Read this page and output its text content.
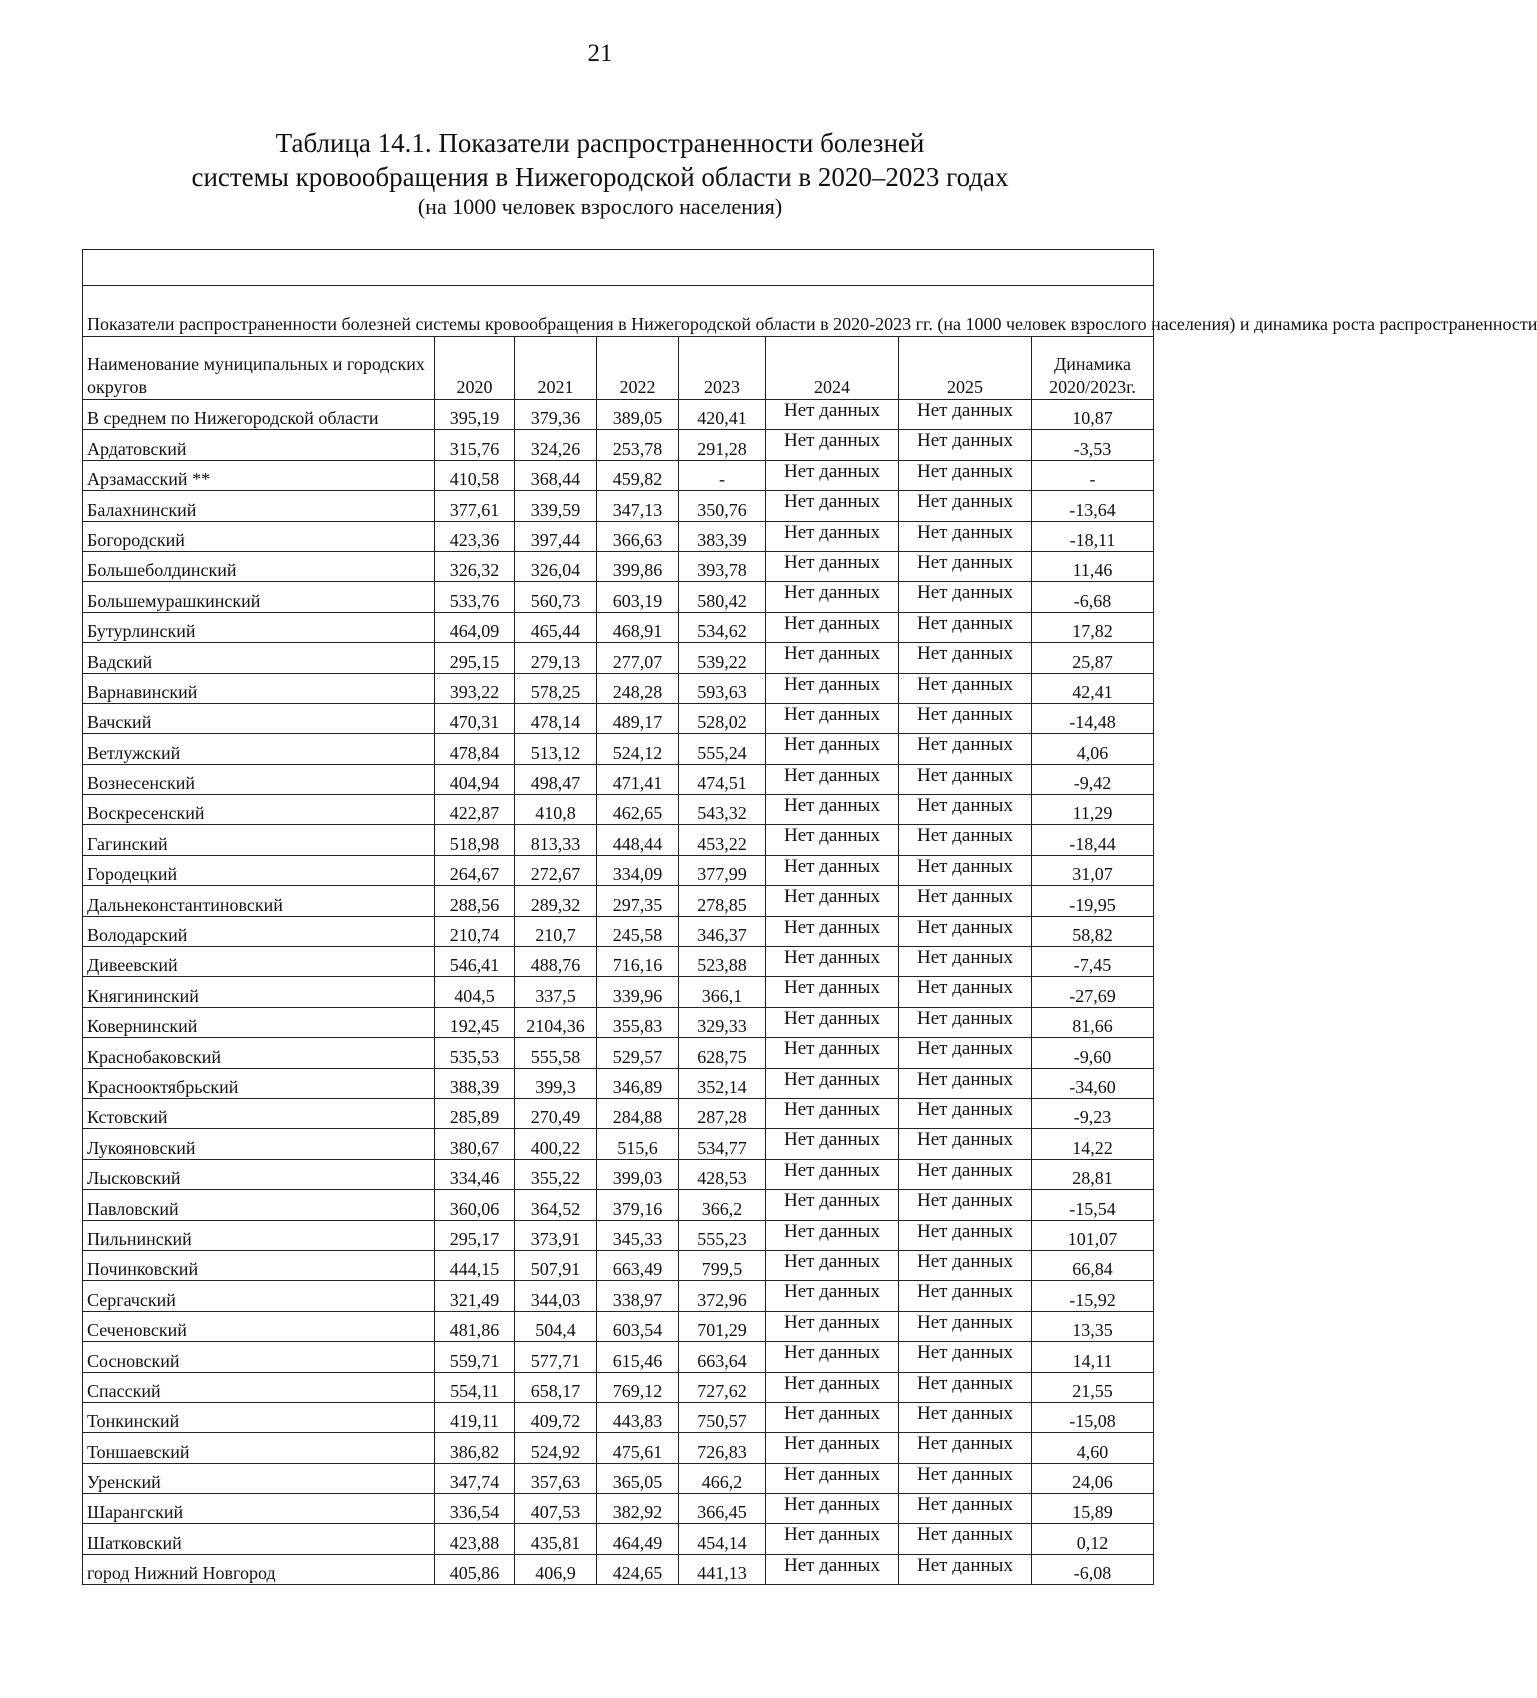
21
Таблица 14.1. Показатели распространенности болезней
системы кровообращения в Нижегородской области в 2020–2023 годах
(на 1000 человек взрослого населения)

Показатели распространенности болезней системы кровообращения в Нижегородской области в 2020-2023 гг. (на 1000 человек взрослого населения) и динамика роста распространенности							
Наименование муниципальных и городских округов	2020	2021	2022	2023	2024	2025	Динамика 2020/2023г.
В среднем по Нижегородской области	395,19	379,36	389,05	420,41	Нет данных	Нет данных	10,87
Ардатовский	315,76	324,26	253,78	291,28	Нет данных	Нет данных	-3,53
Арзамасский **	410,58	368,44	459,82	-	Нет данных	Нет данных	-
Балахнинский	377,61	339,59	347,13	350,76	Нет данных	Нет данных	-13,64
Богородский	423,36	397,44	366,63	383,39	Нет данных	Нет данных	-18,11
Большеболдинский	326,32	326,04	399,86	393,78	Нет данных	Нет данных	11,46
Большемурашкинский	533,76	560,73	603,19	580,42	Нет данных	Нет данных	-6,68
Бутурлинский	464,09	465,44	468,91	534,62	Нет данных	Нет данных	17,82
Вадский	295,15	279,13	277,07	539,22	Нет данных	Нет данных	25,87
Варнавинский	393,22	578,25	248,28	593,63	Нет данных	Нет данных	42,41
Вачский	470,31	478,14	489,17	528,02	Нет данных	Нет данных	-14,48
Ветлужский	478,84	513,12	524,12	555,24	Нет данных	Нет данных	4,06
Вознесенский	404,94	498,47	471,41	474,51	Нет данных	Нет данных	-9,42
Воскресенский	422,87	410,8	462,65	543,32	Нет данных	Нет данных	11,29
Гагинский	518,98	813,33	448,44	453,22	Нет данных	Нет данных	-18,44
Городецкий	264,67	272,67	334,09	377,99	Нет данных	Нет данных	31,07
Дальнеконстантиновский	288,56	289,32	297,35	278,85	Нет данных	Нет данных	-19,95
Володарский	210,74	210,7	245,58	346,37	Нет данных	Нет данных	58,82
Дивеевский	546,41	488,76	716,16	523,88	Нет данных	Нет данных	-7,45
Княгининский	404,5	337,5	339,96	366,1	Нет данных	Нет данных	-27,69
Ковернинский	192,45	2104,36	355,83	329,33	Нет данных	Нет данных	81,66
Краснобаковский	535,53	555,58	529,57	628,75	Нет данных	Нет данных	-9,60
Краснооктябрьский	388,39	399,3	346,89	352,14	Нет данных	Нет данных	-34,60
Кстовский	285,89	270,49	284,88	287,28	Нет данных	Нет данных	-9,23
Лукояновский	380,67	400,22	515,6	534,77	Нет данных	Нет данных	14,22
Лысковский	334,46	355,22	399,03	428,53	Нет данных	Нет данных	28,81
Павловский	360,06	364,52	379,16	366,2	Нет данных	Нет данных	-15,54
Пильнинский	295,17	373,91	345,33	555,23	Нет данных	Нет данных	101,07
Починковский	444,15	507,91	663,49	799,5	Нет данных	Нет данных	66,84
Сергачский	321,49	344,03	338,97	372,96	Нет данных	Нет данных	-15,92
Сеченовский	481,86	504,4	603,54	701,29	Нет данных	Нет данных	13,35
Сосновский	559,71	577,71	615,46	663,64	Нет данных	Нет данных	14,11
Спасский	554,11	658,17	769,12	727,62	Нет данных	Нет данных	21,55
Тонкинский	419,11	409,72	443,83	750,57	Нет данных	Нет данных	-15,08
Тоншаевский	386,82	524,92	475,61	726,83	Нет данных	Нет данных	4,60
Уренский	347,74	357,63	365,05	466,2	Нет данных	Нет данных	24,06
Шарангский	336,54	407,53	382,92	366,45	Нет данных	Нет данных	15,89
Шатковский	423,88	435,81	464,49	454,14	Нет данных	Нет данных	0,12
город Нижний Новгород	405,86	406,9	424,65	441,13	Нет данных	Нет данных	-6,08
